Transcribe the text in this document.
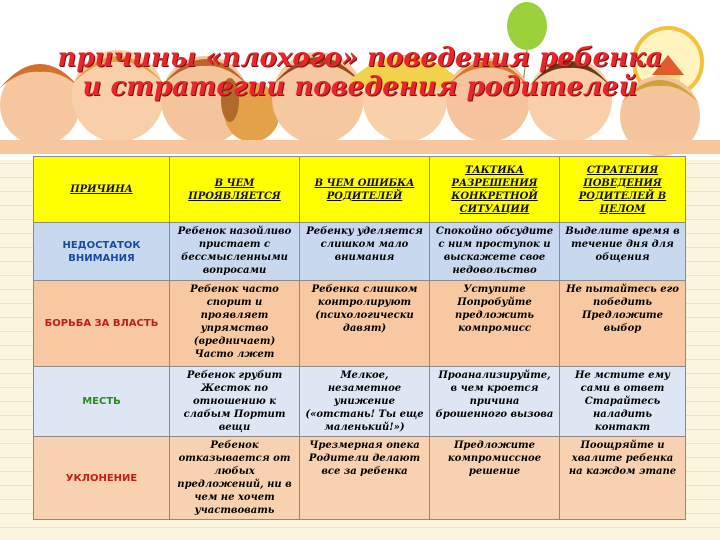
причины «плохого» поведения ребенка
и стратегии поведения родителей
ПРИЧИНА	В ЧЕМ ПРОЯВЛЯЕТСЯ	В ЧЕМ ОШИБКА РОДИТЕЛЕЙ	ТАКТИКА РАЗРЕШЕНИЯ КОНКРЕТНОЙ СИТУАЦИИ	СТРАТЕГИЯ ПОВЕДЕНИЯ РОДИТЕЛЕЙ В ЦЕЛОМ
НЕДОСТАТОК ВНИМАНИЯ	Ребенок назойливо пристает с бессмысленными вопросами	Ребенку уделяется слишком мало внимания	Спокойно обсудите с ним проступок и выскажете свое недовольство	Выделите время в течение дня для общения
БОРЬБА ЗА ВЛАСТЬ	Ребенок часто спорит и проявляет упрямство (вредничает) Часто лжет	Ребенка слишком контролируют (психологически давят)	Уступите Попробуйте предложить компромисс	Не пытайтесь его победить Предложите выбор
МЕСТЬ	Ребенок грубит Жесток по отношению к слабым Портит вещи	Мелкое, незаметное унижение («отстань! Ты еще маленький!»)	Проанализируйте, в чем кроется причина брошенного вызова	Не мстите ему сами в ответ Старайтесь наладить контакт
УКЛОНЕНИЕ	Ребенок отказывается от любых предложений, ни в чем не хочет участвовать	Чрезмерная опека Родители делают все за ребенка	Предложите компромиссное решение	Поощряйте и хвалите ребенка на каждом этапе
